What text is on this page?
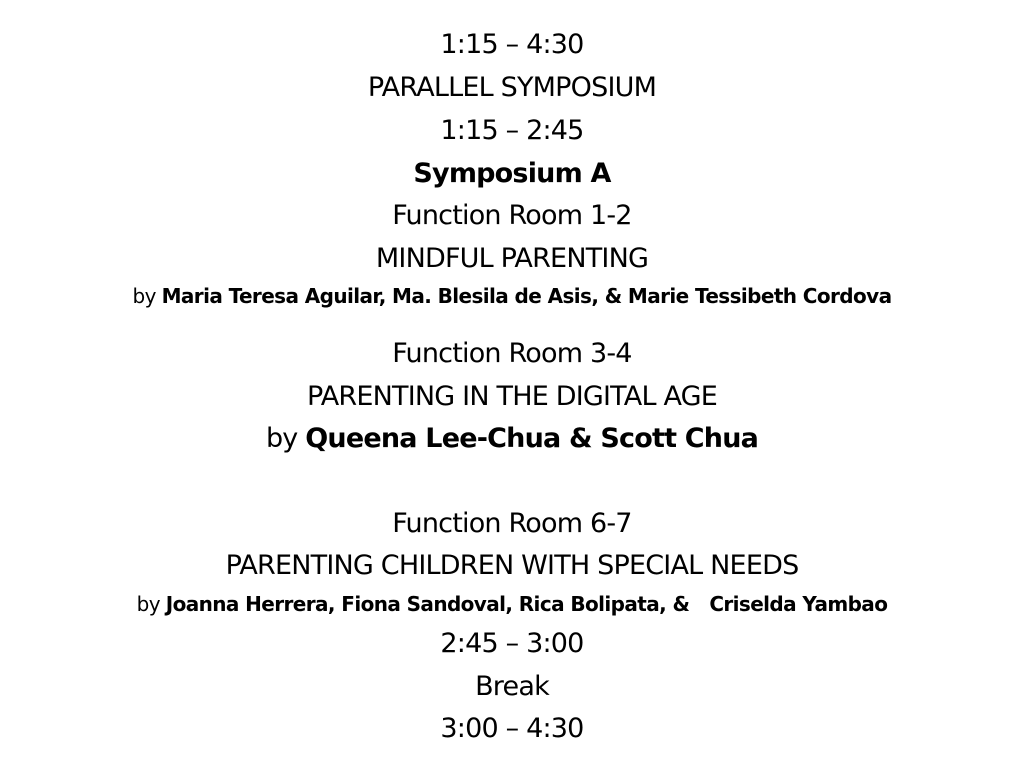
1:15 – 4:30
PARALLEL SYMPOSIUM
1:15 – 2:45
Symposium A
Function Room 1-2
MINDFUL PARENTING
by Maria Teresa Aguilar, Ma. Blesila de Asis, & Marie Tessibeth Cordova
Function Room 3-4
PARENTING IN THE DIGITAL AGE
by Queena Lee-Chua & Scott Chua
Function Room 6-7
PARENTING CHILDREN WITH SPECIAL NEEDS
by Joanna Herrera, Fiona Sandoval, Rica Bolipata, & Criselda Yambao
2:45 – 3:00
Break
3:00 – 4:30
